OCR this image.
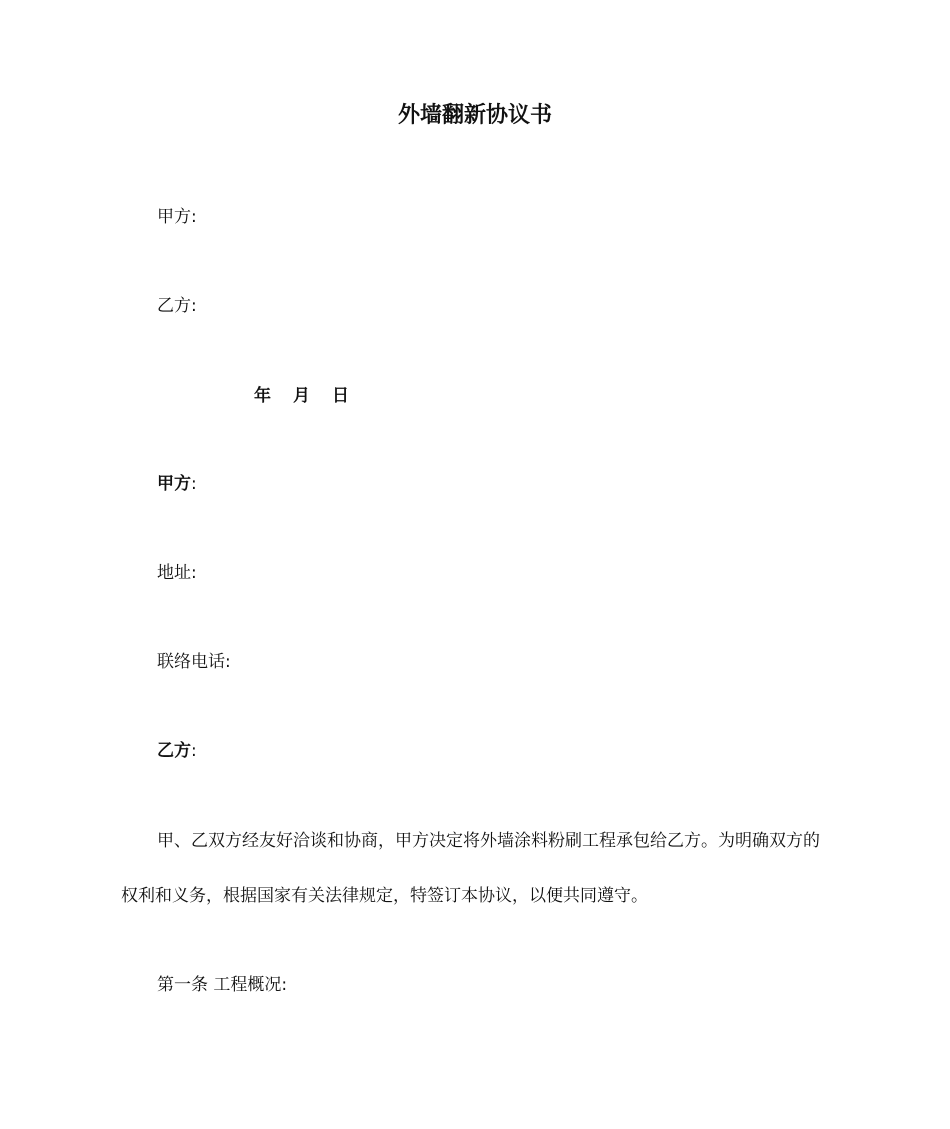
外墙翻新协议书
甲方:
乙方:
年 月 日
甲方:
地址:
联络电话:
乙方:
甲、乙双方经友好洽谈和协商，甲方决定将外墙涂料粉刷工程承包给乙方。为明确双方的权利和义务，根据国家有关法律规定，特签订本协议，以便共同遵守。
第一条 工程概况:
